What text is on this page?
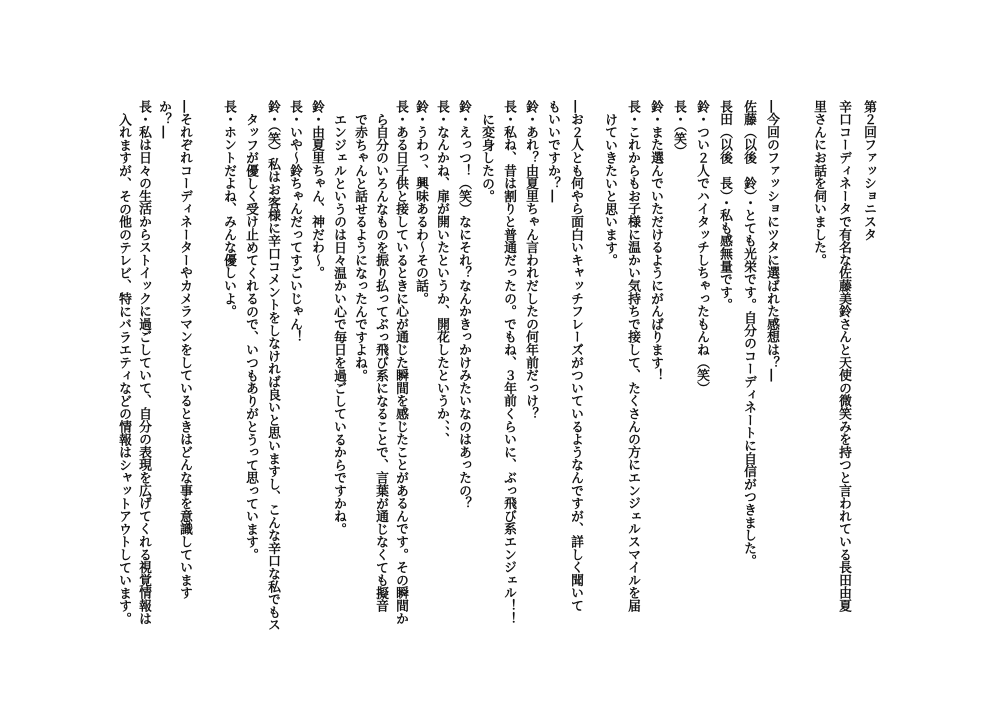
第２回ファッショニスタ
辛口コーディネータで有名な佐藤美鈴さんと天使の微笑みを持つと言われている長田由夏
里さんにお話を伺いました。
―今回のファッショにツタに選ばれた感想は？―
佐藤（以後　鈴）・とても光栄です。自分のコーディネートに自信がつきました。
長田（以後　長）・私も感無量です。
鈴・つい２人でハイタッチしちゃったもんね（笑）
長・（笑）
鈴・また選んでいただけるようにがんばります！
長・これからもお子様に温かい気持ちで接して、たくさんの方にエンジェルスマイルを届
けていきたいと思います。
―お２人とも何やら面白いキャッチフレーズがついているようなんですが、詳しく聞いて
もいいですか？―
鈴・あれ？由夏里ちゃん言われだしたの何年前だっけ？
長・私ね、昔は割りと普通だったの。でもね、３年前くらいに、ぶっ飛び系エンジェル！！
に変身したの。
鈴・えっつ！（笑）なにそれ？なんかきっかけみたいなのはあったの？
長・なんかね、扉が開いたというか、開花したというか、、、
鈴・うわっ、興味あるわ～その話。
長・ある日子供と接しているときに心が通じた瞬間を感じたことがあるんです。その瞬間か
ら自分のいろんなものを振り払ってぶっ飛び系になることで、言葉が通じなくても擬音
で赤ちゃんと話せるようになったんですよね。
エンジェルというのは日々温かい心で毎日を過ごしているからですかね。
鈴・由夏里ちゃん、神だわ～。
長・いや～鈴ちゃんだってすごいじゃん！
鈴・（笑）私はお客様に辛口コメントをしなければ良いと思いますし、こんな辛口な私でもス
タッフが優しく受け止めてくれるので、いつもありがとうって思っています。
長・ホントだよね、みんな優しいよ。
―それぞれコーディネーターやカメラマンをしているときはどんな事を意識しています
か？―
長・私は日々の生活からストイックに過ごしていて、自分の表現を広げてくれる視覚情報は
入れますが、その他のテレビ、特にバラエティなどの情報はシャットアウトしています。
